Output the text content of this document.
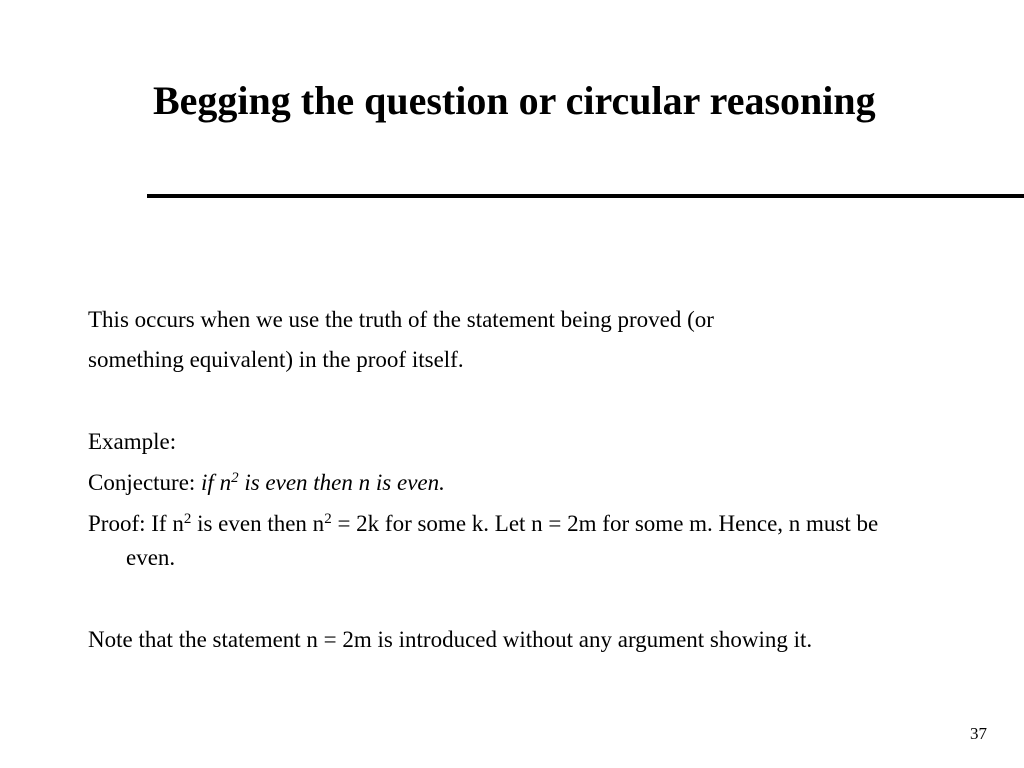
Begging the question or circular reasoning
This occurs when we use the truth of the statement being proved (or
something equivalent) in the proof itself.
Example:
Conjecture: if $n^2$ is even then n is even.
Proof: If $n^2$ is even then $n^2 = 2k$ for some k. Let n = 2m for some m. Hence, n must be even.
Note that the statement n = 2m is introduced without any argument showing it.
37
